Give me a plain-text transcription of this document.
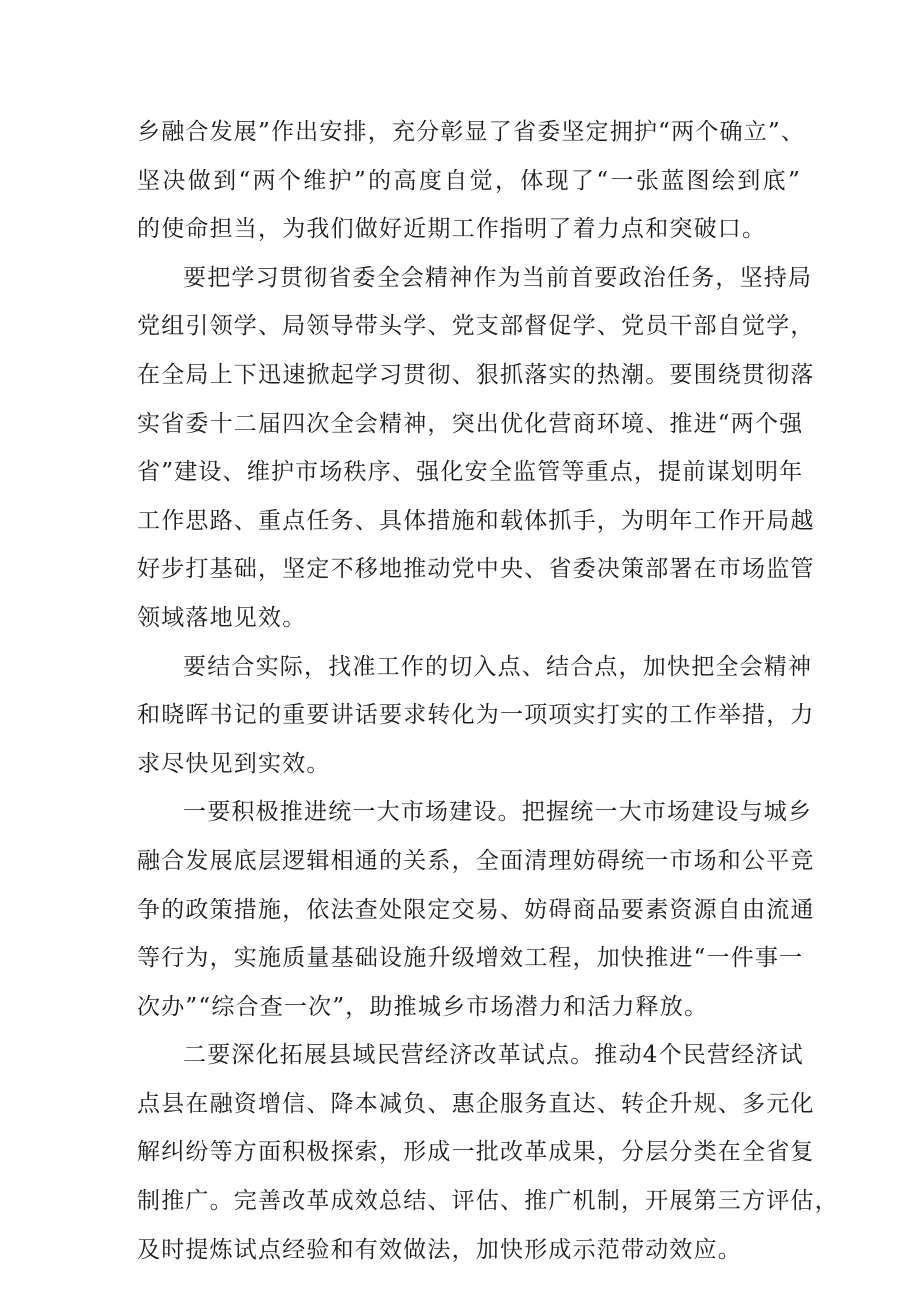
乡融合发展”作出安排，充分彰显了省委坚定拥护“两个确立”、
坚决做到“两个维护”的高度自觉，体现了“一张蓝图绘到底”
的使命担当，为我们做好近期工作指明了着力点和突破口。
要把学习贯彻省委全会精神作为当前首要政治任务，坚持局
党组引领学、局领导带头学、党支部督促学、党员干部自觉学，
在全局上下迅速掀起学习贯彻、狠抓落实的热潮。要围绕贯彻落
实省委十二届四次全会精神，突出优化营商环境、推进“两个强
省”建设、维护市场秩序、强化安全监管等重点，提前谋划明年
工作思路、重点任务、具体措施和载体抓手，为明年工作开局越
好步打基础，坚定不移地推动党中央、省委决策部署在市场监管
领域落地见效。
要结合实际，找准工作的切入点、结合点，加快把全会精神
和晓晖书记的重要讲话要求转化为一项项实打实的工作举措，力
求尽快见到实效。
一要积极推进统一大市场建设。把握统一大市场建设与城乡
融合发展底层逻辑相通的关系，全面清理妨碍统一市场和公平竞
争的政策措施，依法查处限定交易、妨碍商品要素资源自由流通
等行为，实施质量基础设施升级增效工程，加快推进“一件事一
次办”“综合查一次”，助推城乡市场潜力和活力释放。
二要深化拓展县域民营经济改革试点。推动4个民营经济试
点县在融资增信、降本减负、惠企服务直达、转企升规、多元化
解纠纷等方面积极探索，形成一批改革成果，分层分类在全省复
制推广。完善改革成效总结、评估、推广机制，开展第三方评估，
及时提炼试点经验和有效做法，加快形成示范带动效应。
